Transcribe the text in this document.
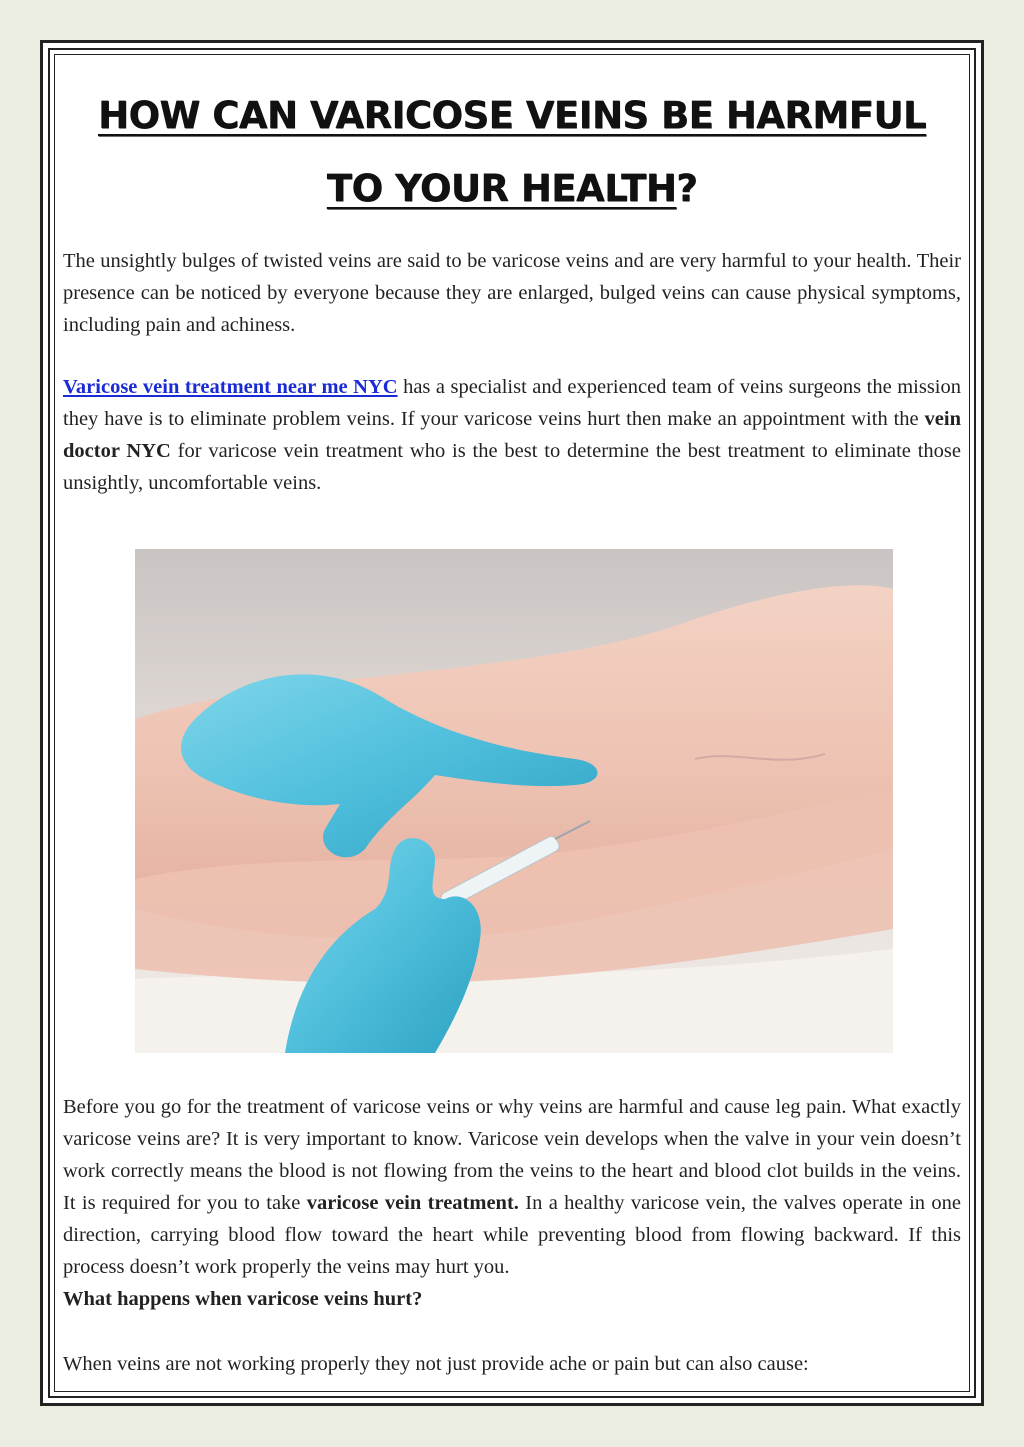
HOW CAN VARICOSE VEINS BE HARMFUL
TO YOUR HEALTH?

The unsightly bulges of twisted veins are said to be varicose veins and are very harmful to your health. Their presence can be noticed by everyone because they are enlarged, bulged veins can cause physical symptoms, including pain and achiness.

Varicose vein treatment near me NYC has a specialist and experienced team of veins surgeons the mission they have is to eliminate problem veins. If your varicose veins hurt then make an appointment with the vein doctor NYC for varicose vein treatment who is the best to determine the best treatment to eliminate those unsightly, uncomfortable veins.

Before you go for the treatment of varicose veins or why veins are harmful and cause leg pain. What exactly varicose veins are? It is very important to know. Varicose vein develops when the valve in your vein doesn’t work correctly means the blood is not flowing from the veins to the heart and blood clot builds in the veins. It is required for you to take varicose vein treatment. In a healthy varicose vein, the valves operate in one direction, carrying blood flow toward the heart while preventing blood from flowing backward. If this process doesn’t work properly the veins may hurt you.

What happens when varicose veins hurt?

When veins are not working properly they not just provide ache or pain but can also cause:
